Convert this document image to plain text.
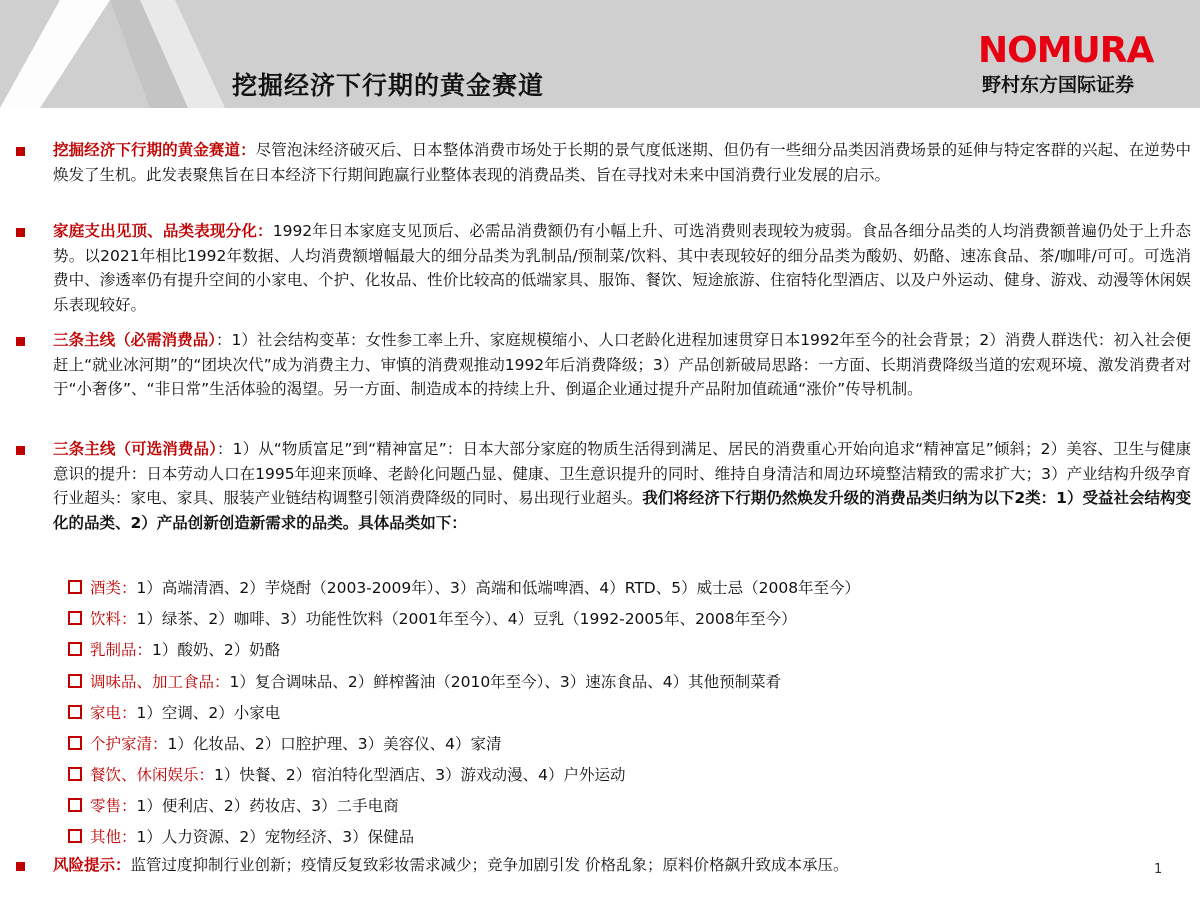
挖掘经济下行期的黄金赛道
NOMURA
野村东方国际证券
挖掘经济下行期的黄金赛道：尽管泡沫经济破灭后、日本整体消费市场处于长期的景气度低迷期、但仍有一些细分品类因消费场景的延伸与特定客群的兴起、在逆势中焕发了生机。此发表聚焦旨在日本经济下行期间跑赢行业整体表现的消费品类、旨在寻找对未来中国消费行业发展的启示。
家庭支出见顶、品类表现分化：1992年日本家庭支见顶后、必需品消费额仍有小幅上升、可选消费则表现较为疲弱。食品各细分品类的人均消费额普遍仍处于上升态势。以2021年相比1992年数据、人均消费额增幅最大的细分品类为乳制品/预制菜/饮料、其中表现较好的细分品类为酸奶、奶酪、速冻食品、茶/咖啡/可可。可选消费中、渗透率仍有提升空间的小家电、个护、化妆品、性价比较高的低端家具、服饰、餐饮、短途旅游、住宿特化型酒店、以及户外运动、健身、游戏、动漫等休闲娱乐表现较好。
三条主线（必需消费品）：1）社会结构变革：女性参工率上升、家庭规模缩小、人口老龄化进程加速贯穿日本1992年至今的社会背景；2）消费人群迭代：初入社会便赶上“就业冰河期”的“团块次代”成为消费主力、审慎的消费观推动1992年后消费降级；3）产品创新破局思路：一方面、长期消费降级当道的宏观环境、激发消费者对于“小奢侈”、“非日常”生活体验的渴望。另一方面、制造成本的持续上升、倒逼企业通过提升产品附加值疏通“涨价”传导机制。
三条主线（可选消费品）：1）从“物质富足”到“精神富足”：日本大部分家庭的物质生活得到满足、居民的消费重心开始向追求“精神富足”倾斜；2）美容、卫生与健康意识的提升：日本劳动人口在1995年迎来顶峰、老龄化问题凸显、健康、卫生意识提升的同时、维持自身清洁和周边环境整洁精致的需求扩大；3）产业结构升级孕育行业超头：家电、家具、服装产业链结构调整引领消费降级的同时、易出现行业超头。我们将经济下行期仍然焕发升级的消费品类归纳为以下2类：1）受益社会结构变化的品类、2）产品创新创造新需求的品类。具体品类如下：
酒类：1）高端清酒、2）芋烧酎（2003-2009年）、3）高端和低端啤酒、4）RTD、5）威士忌（2008年至今）
饮料：1）绿茶、2）咖啡、3）功能性饮料（2001年至今）、4）豆乳（1992-2005年、2008年至今）
乳制品：1）酸奶、2）奶酪
调味品、加工食品：1）复合调味品、2）鲜榨酱油（2010年至今）、3）速冻食品、4）其他预制菜肴
家电：1）空调、2）小家电
个护家清：1）化妆品、2）口腔护理、3）美容仪、4）家清
餐饮、休闲娱乐：1）快餐、2）宿泊特化型酒店、3）游戏动漫、4）户外运动
零售：1）便利店、2）药妆店、3）二手电商
其他：1）人力资源、2）宠物经济、3）保健品
风险提示：监管过度抑制行业创新；疫情反复致彩妆需求减少；竞争加剧引发 价格乱象；原料价格飙升致成本承压。	1
